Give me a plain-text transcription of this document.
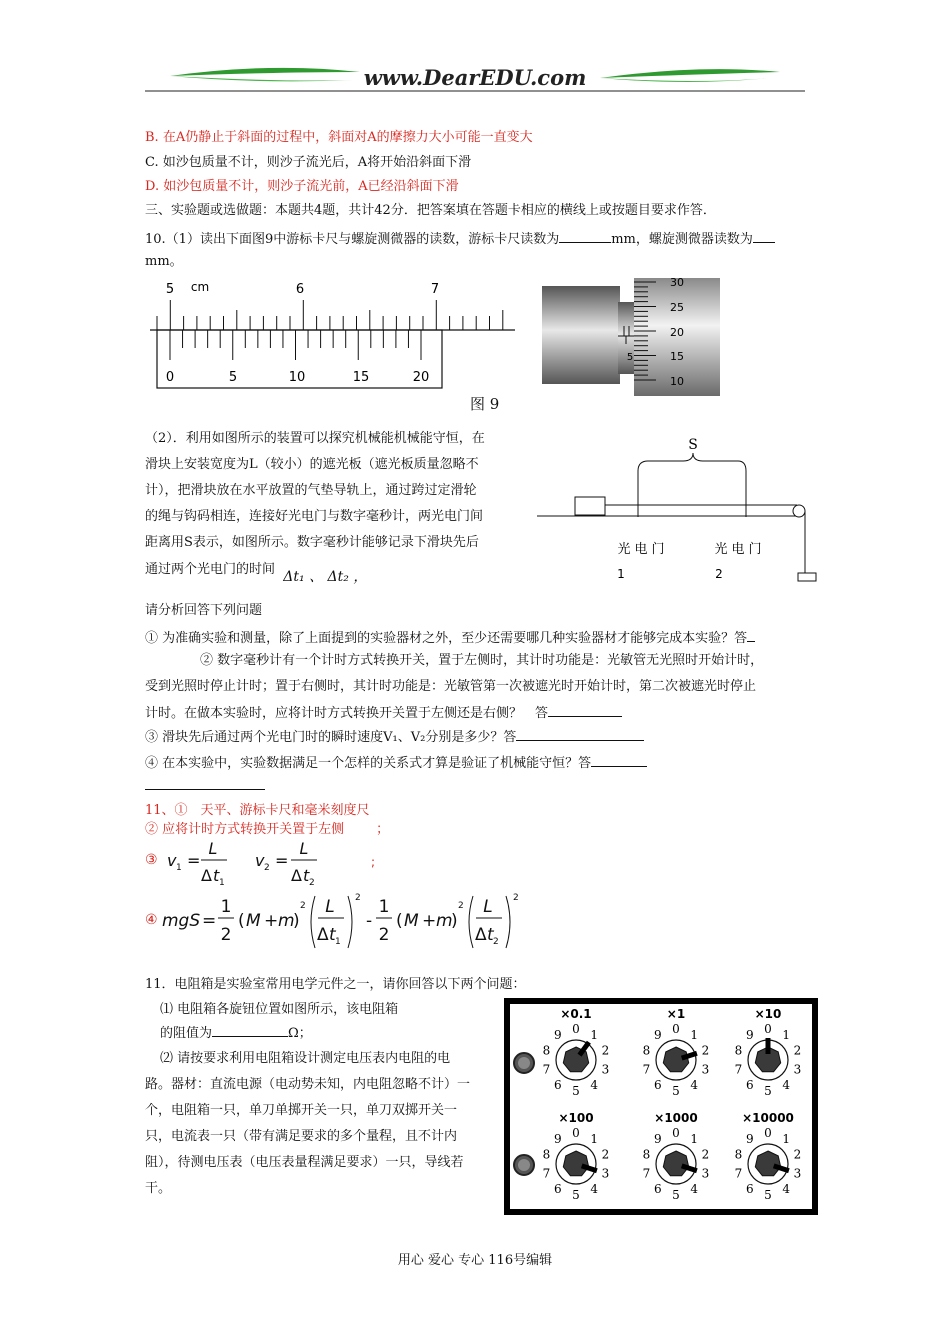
www.DearEDU.com
B. 在A仍静止于斜面的过程中，斜面对A的摩擦力大小可能一直变大
C. 如沙包质量不计，则沙子流光后，A将开始沿斜面下滑
D. 如沙包质量不计，则沙子流光前，A已经沿斜面下滑
三、实验题或选做题：本题共4题，共计42分．把答案填在答题卡相应的横线上或按题目要求作答．
10.（1）读出下面图9中游标卡尺与螺旋测微器的读数，游标卡尺读数为	mm，螺旋测微器读数为
mm。
5 cm	6	7
0	5	10	15	20
5
30
25
20
15
10
图 9
（2）．利用如图所示的装置可以探究机械能机械能守恒，在
滑块上安装宽度为L（较小）的遮光板（遮光板质量忽略不
计），把滑块放在水平放置的气垫导轨上，通过跨过定滑轮
的绳与钩码相连，连接好光电门与数字毫秒计，两光电门间
距离用S表示，如图所示。数字毫秒计能够记录下滑块先后
通过两个光电门的时间 Δt₁ 、 Δt₂ ，
S
光电门
1
光电门
2
请分析回答下列问题
① 为准确实验和测量，除了上面提到的实验器材之外，至少还需要哪几种实验器材才能够完成本实验？答
② 数字毫秒计有一个计时方式转换开关，置于左侧时，其计时功能是：光敏管无光照时开始计时，
受到光照时停止计时；置于右侧时，其计时功能是：光敏管第一次被遮光时开始计时，第二次被遮光时停止
计时。在做本实验时，应将计时方式转换开关置于左侧还是右侧？　答
③ 滑块先后通过两个光电门时的瞬时速度V₁、V₂分别是多少？答
④ 在本实验中，实验数据满足一个怎样的关系式才算是验证了机械能守恒？答
11、①　天平、游标卡尺和毫米刻度尺
② 应将计时方式转换开关置于左侧 ；
③ v 1 =
L
Δ t 1
v 2 =
L
Δ t 2
;
④ mgS =
1
2
( M + m
)
2 L
Δ t 1
2
-
1
2
( M + m
)
2 L
Δ t 2
2
11．电阻箱是实验室常用电学元件之一，请你回答以下两个问题：
⑴ 电阻箱各旋钮位置如图所示，该电阻箱
的阻值为	Ω；
⑵ 请按要求利用电阻箱设计测定电压表内电阻的电
路。器材：直流电源（电动势未知，内电阻忽略不计）一
个，电阻箱一只，单刀单掷开关一只，单刀双掷开关一
只，电流表一只（带有满足要求的多个量程，且不计内
阻），待测电压表（电压表量程满足要求）一只，导线若
干。
×0.1
0 1
2
3
4
5
6
7
8
9
×1
0 1
2
3
4
5
6
7
8
9
×10
0 1
2
3
4
5
6
7
8
9
×100
0 1
2
3
4
5
6
7
8
9
×1000
0 1
2
3
4
5
6
7
8
9
×10000
0 1
2
3
4
5
6
7
8
9
用心 爱心 专心 116号编辑
